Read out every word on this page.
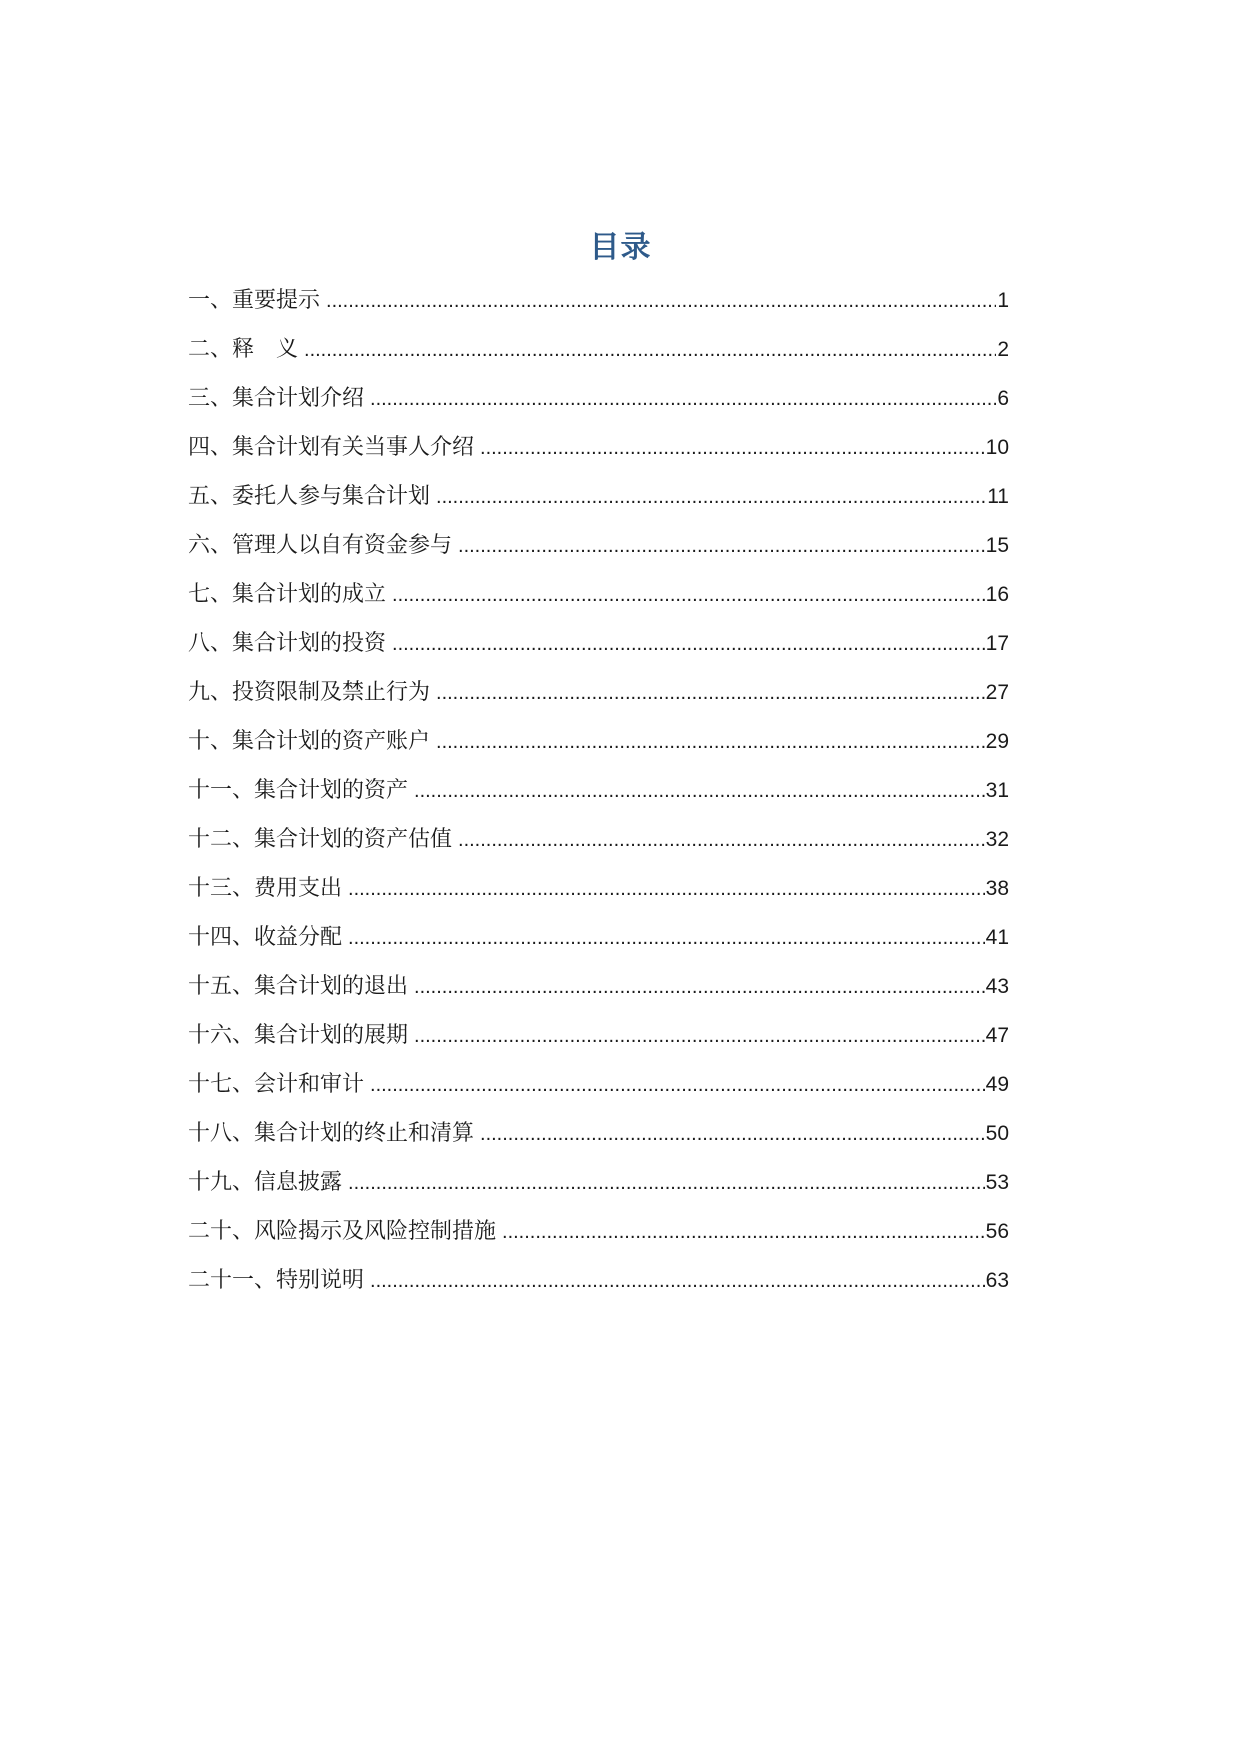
目录
一、重要提示 .....	1
二、释　义 .....	2
三、集合计划介绍 .....	6
四、集合计划有关当事人介绍 .....	10
五、委托人参与集合计划 .....	11
六、管理人以自有资金参与 .....	15
七、集合计划的成立 .....	16
八、集合计划的投资 .....	17
九、投资限制及禁止行为 .....	27
十、集合计划的资产账户 .....	29
十一、集合计划的资产 .....	31
十二、集合计划的资产估值 .....	32
十三、费用支出 .....	38
十四、收益分配 .....	41
十五、集合计划的退出 .....	43
十六、集合计划的展期 .....	47
十七、会计和审计 .....	49
十八、集合计划的终止和清算 .....	50
十九、信息披露 .....	53
二十、风险揭示及风险控制措施 .....	56
二十一、特别说明 .....	63
